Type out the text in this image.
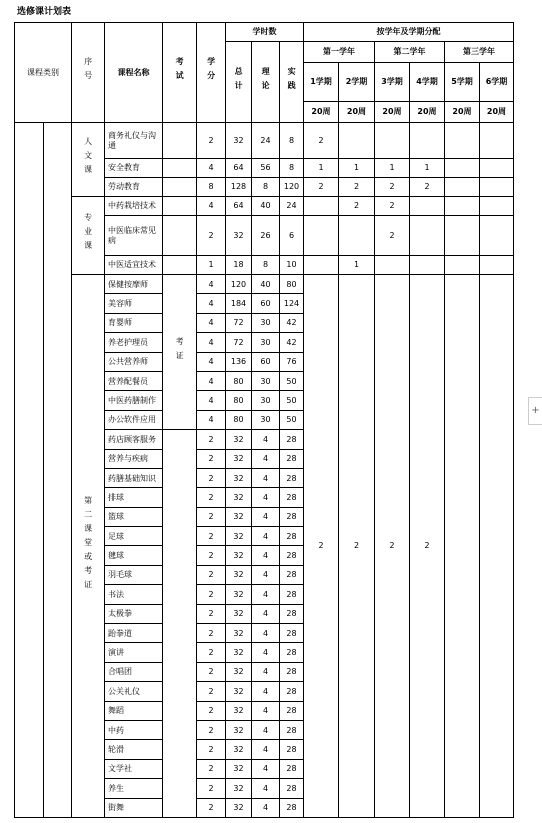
选修课计划表
课程类别		序号	课程名称	考试	学分	学时数			按学年及学期分配					
						总计	理论	实践	第一学年		第二学年		第三学年	
									1学期	2学期	3学期	4学期	5学期	6学期
									20周	20周	20周	20周	20周	20周
		人文课	商务礼仪与沟通		2	32	24	8	2					
			安全教育		4	64	56	8	1	1	1	1		
			劳动教育		8	128	8	120	2	2	2	2		
		专业课	中药栽培技术		4	64	40	24		2	2			
			中医临床常见病		2	32	26	6			2			
			中医适宜技术		1	18	8	10		1				
		第二课堂或考证	保健按摩师	考证	4	120	40	80	2	2	2	2		
			美容师		4	184	60	124						
			育婴师		4	72	30	42						
			养老护理员		4	72	30	42						
			公共营养师		4	136	60	76						
			营养配餐员		4	80	30	50						
			中医药膳制作		4	80	30	50						
			办公软件应用		4	80	30	50						
			药店顾客服务		2	32	4	28						
			营养与疾病		2	32	4	28						
			药膳基础知识		2	32	4	28						
			排球		2	32	4	28						
			篮球		2	32	4	28						
			足球		2	32	4	28						
			毽球		2	32	4	28						
			羽毛球		2	32	4	28						
			书法		2	32	4	28						
			太极拳		2	32	4	28						
			跆拳道		2	32	4	28						
			演讲		2	32	4	28						
			合唱团		2	32	4	28						
			公关礼仪		2	32	4	28						
			舞蹈		2	32	4	28						
			中药		2	32	4	28						
			轮滑		2	32	4	28						
			文学社		2	32	4	28						
			养生		2	32	4	28						
			街舞		2	32	4	28						
+
